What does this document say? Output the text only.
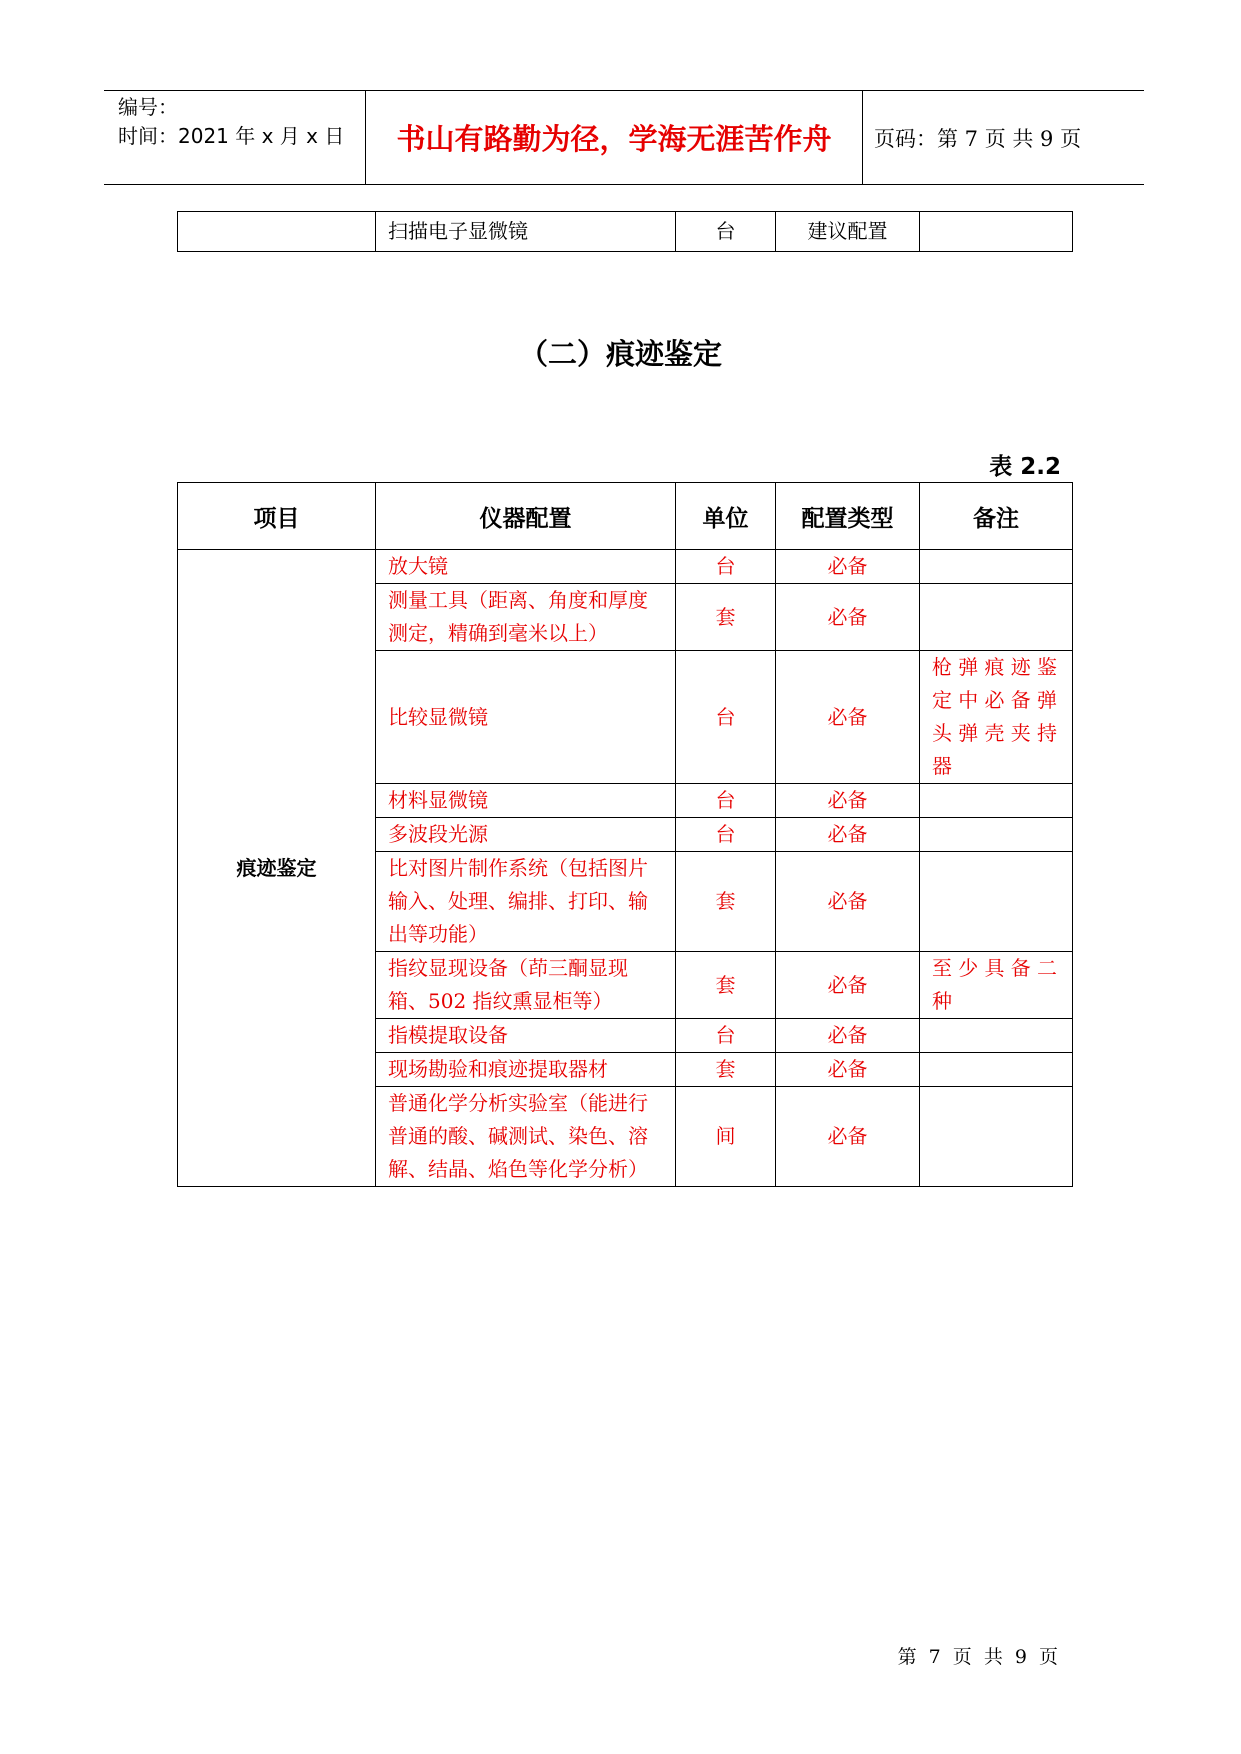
编号：
时间：2021 年 x 月 x 日	书山有路勤为径，学海无涯苦作舟	页码：第 7 页 共 9 页
	扫描电子显微镜	台	建议配置	
（二）痕迹鉴定
表 2.2
项目	仪器配置	单位	配置类型	备注
痕迹鉴定	放大镜	台	必备	
	测量工具（距离、角度和厚度测定，精确到毫米以上）	套	必备	
	比较显微镜	台	必备	枪弹痕迹鉴定中必备弹头弹壳夹持器
	材料显微镜	台	必备	
	多波段光源	台	必备	
	比对图片制作系统（包括图片输入、处理、编排、打印、输出等功能）	套	必备	
	指纹显现设备（茚三酮显现箱、502 指纹熏显柜等）	套	必备	至少具备二种
	指模提取设备	台	必备	
	现场勘验和痕迹提取器材	套	必备	
	普通化学分析实验室（能进行普通的酸、碱测试、染色、溶解、结晶、焰色等化学分析）	间	必备	
第 7 页 共 9 页
